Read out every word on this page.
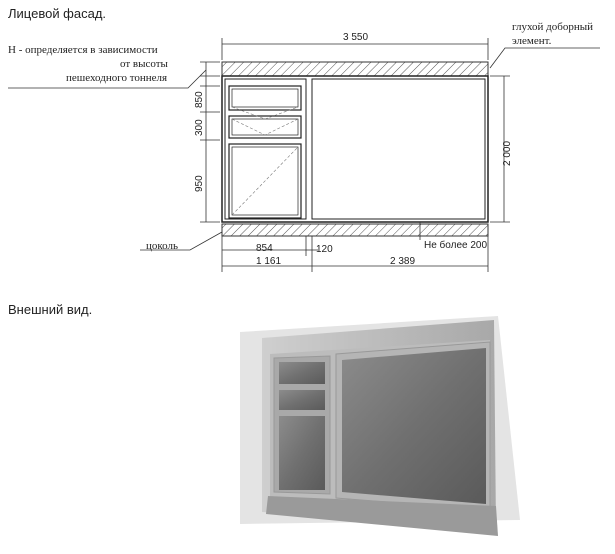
Лицевой фасад.
Внешний вид.
Н - определяется в зависимости
от высоты
пешеходного тоннеля
глухой доборный
элемент.
цоколь	Не более 200
3 550
854	120
1 161	2 389
850
300
950
2 000
